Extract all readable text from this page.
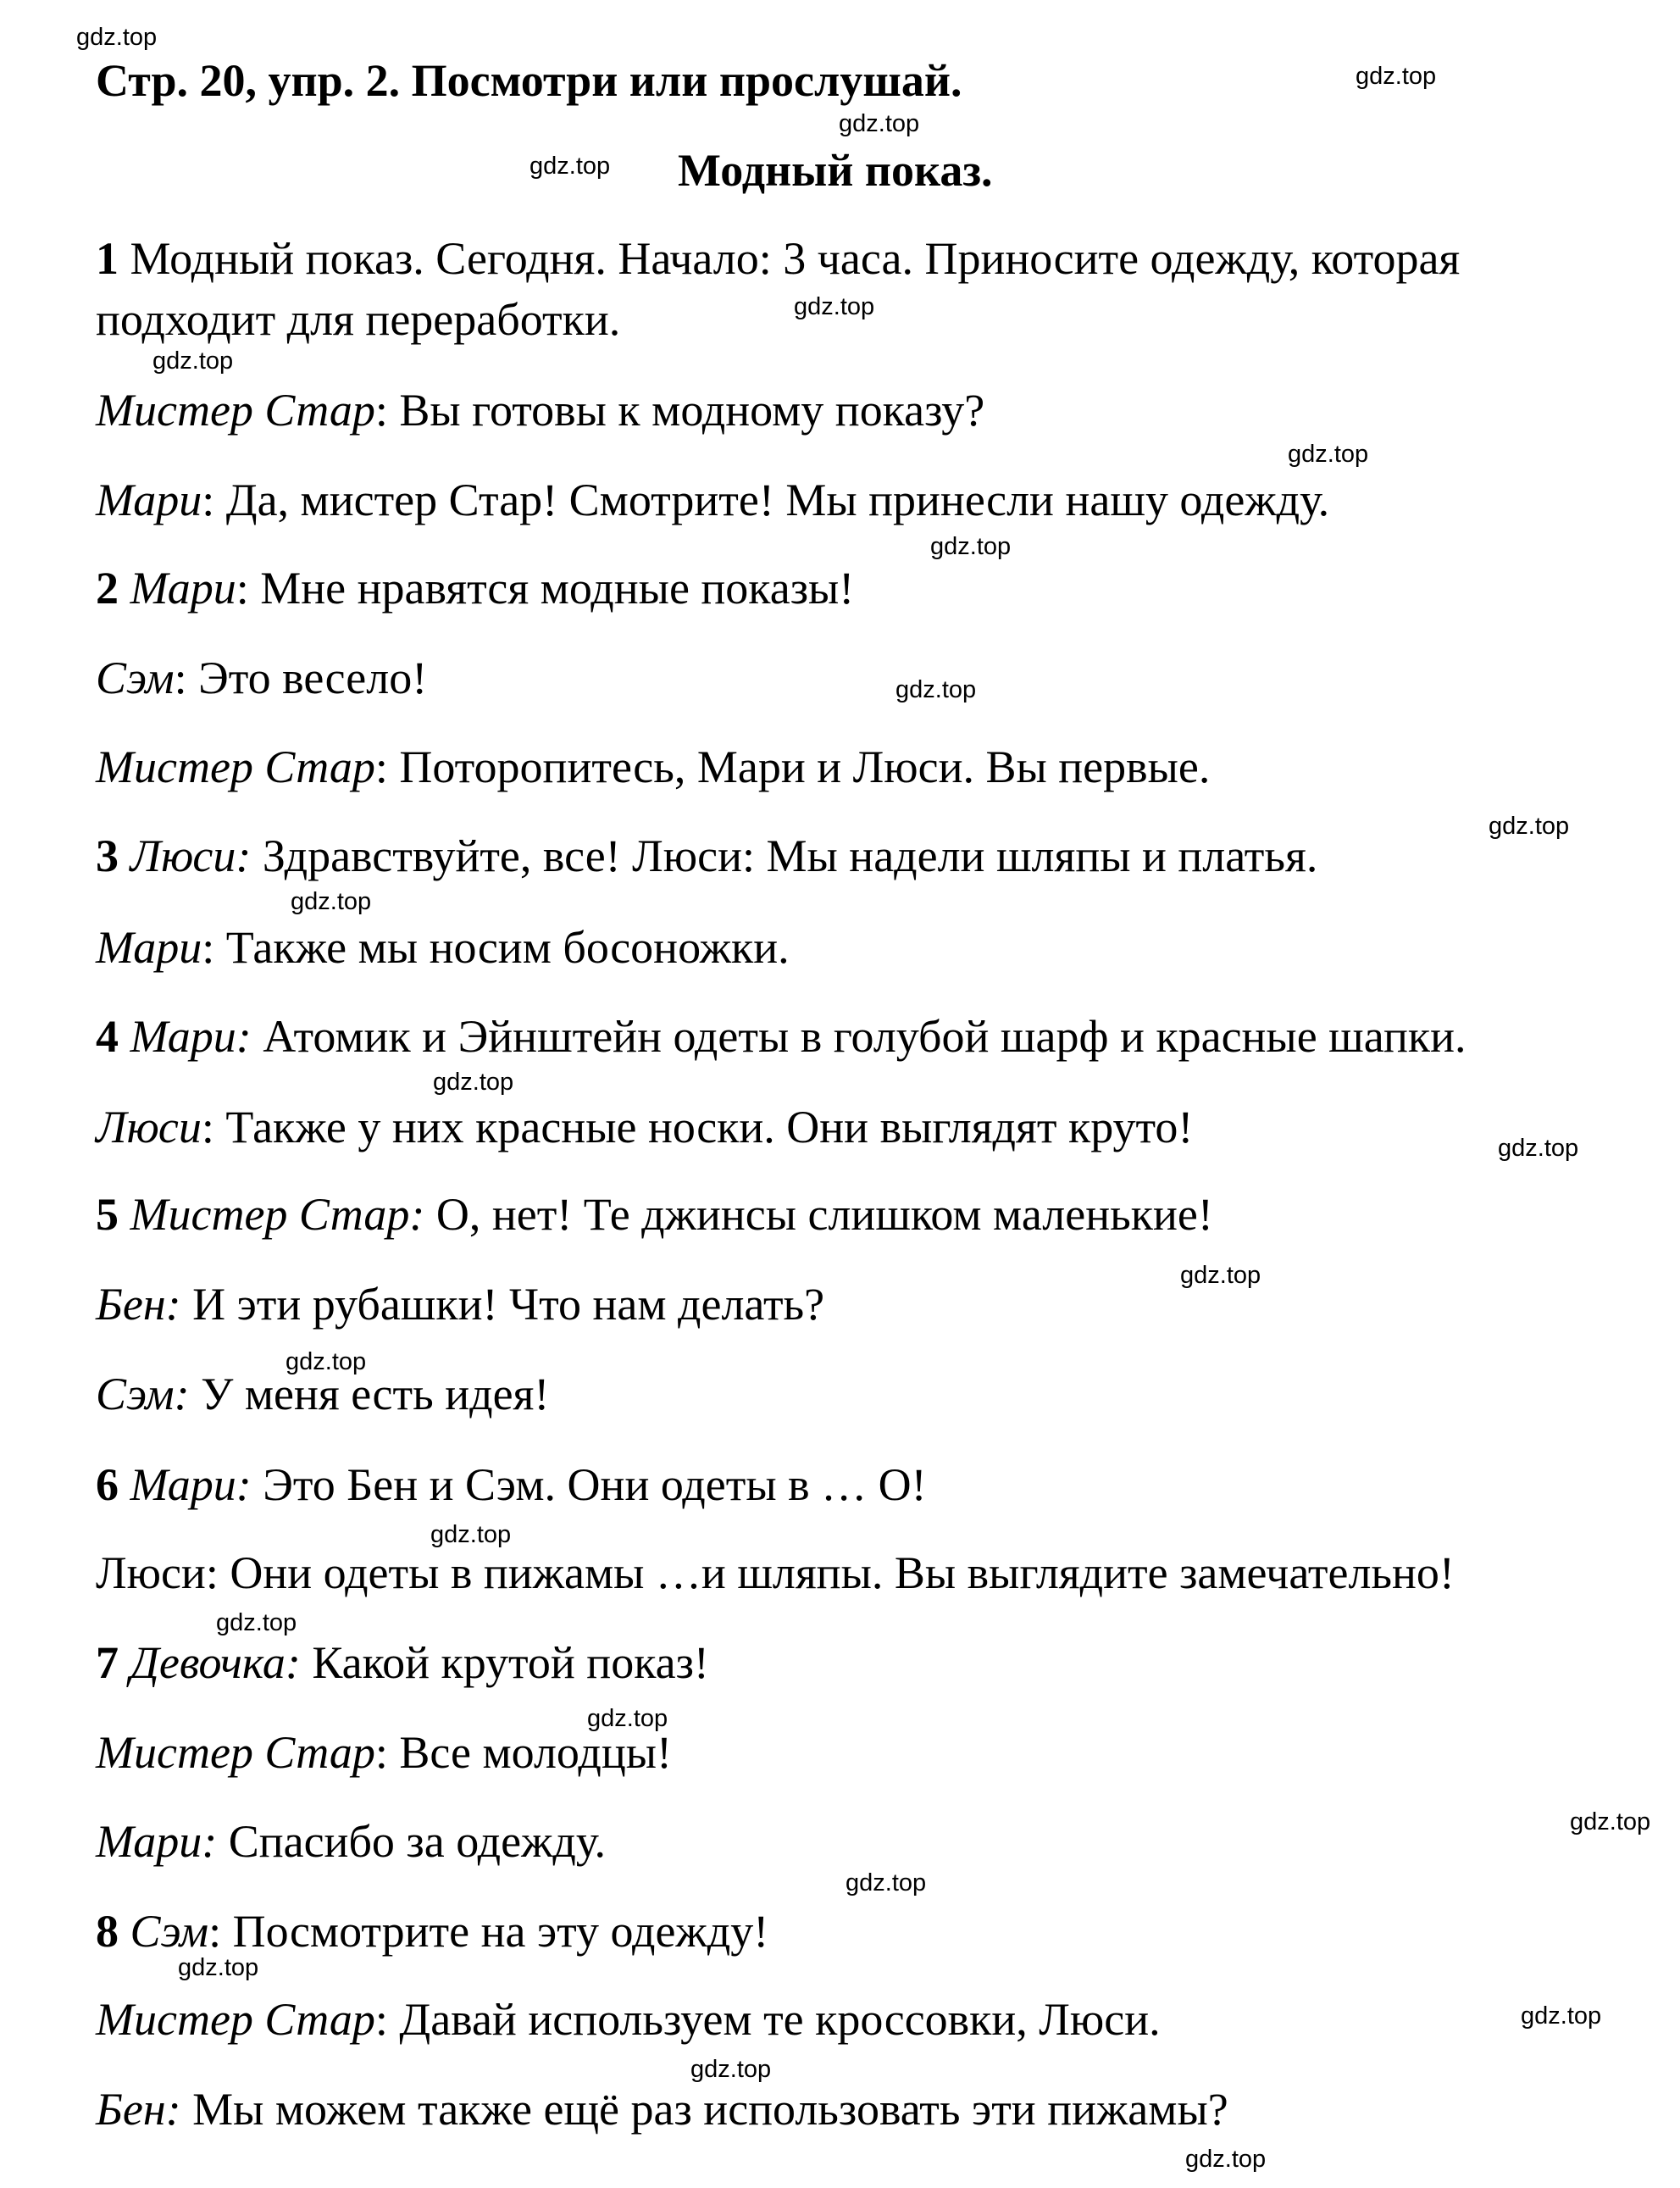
Стр. 20, упр. 2. Посмотри или прослушай.
Модный показ.
1 Модный показ. Сегодня. Начало: 3 часа. Приносите одежду, которая
подходит для переработки.
Мистер Стар: Вы готовы к модному показу?
Мари: Да, мистер Стар! Смотрите! Мы принесли нашу одежду.
2 Мари: Мне нравятся модные показы!
Сэм: Это весело!
Мистер Стар: Поторопитесь, Мари и Люси. Вы первые.
3 Люси: Здравствуйте, все! Люси: Мы надели шляпы и платья.
Мари: Также мы носим босоножки.
4 Мари: Атомик и Эйнштейн одеты в голубой шарф и красные шапки.
Люси: Также у них красные носки. Они выглядят круто!
5 Мистер Стар: О, нет! Те джинсы слишком маленькие!
Бен: И эти рубашки! Что нам делать?
Сэм: У меня есть идея!
6 Мари: Это Бен и Сэм. Они одеты в … О!
Люси: Они одеты в пижамы …и шляпы. Вы выглядите замечательно!
7 Девочка: Какой крутой показ!
Мистер Стар: Все молодцы!
Мари: Спасибо за одежду.
8 Сэм: Посмотрите на эту одежду!
Мистер Стар: Давай используем те кроссовки, Люси.
Бен: Мы можем также ещё раз использовать эти пижамы?
gdz.top
gdz.top
gdz.top
gdz.top
gdz.top
gdz.top
gdz.top
gdz.top
gdz.top
gdz.top
gdz.top
gdz.top
gdz.top
gdz.top
gdz.top
gdz.top
gdz.top
gdz.top
gdz.top
gdz.top
gdz.top
gdz.top
gdz.top
gdz.top
